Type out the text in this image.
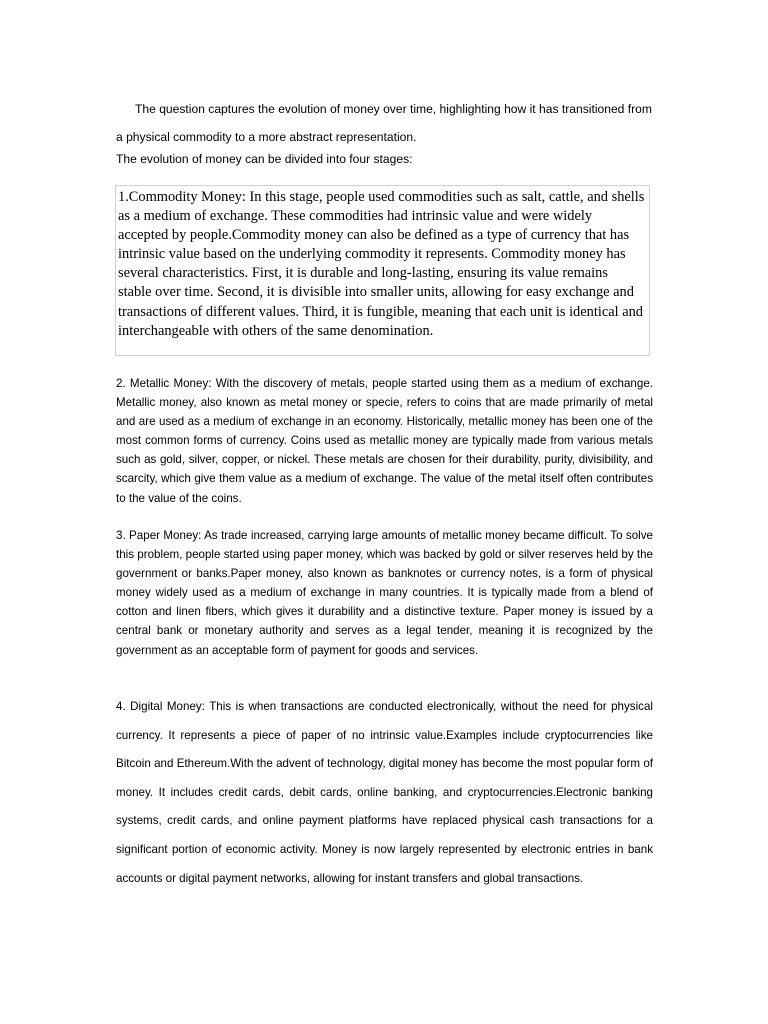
The question captures the evolution of money over time, highlighting how it has transitioned from a physical commodity to a more abstract representation.

The evolution of money can be divided into four stages:

1.Commodity Money: In this stage, people used commodities such as salt, cattle, and shells as a medium of exchange. These commodities had intrinsic value and were widely accepted by people.Commodity money can also be defined as a type of currency that has intrinsic value based on the underlying commodity it represents. Commodity money has several characteristics. First, it is durable and long-lasting, ensuring its value remains stable over time. Second, it is divisible into smaller units, allowing for easy exchange and transactions of different values. Third, it is fungible, meaning that each unit is identical and interchangeable with others of the same denomination.

2. Metallic Money: With the discovery of metals, people started using them as a medium of exchange. Metallic money, also known as metal money or specie, refers to coins that are made primarily of metal and are used as a medium of exchange in an economy. Historically, metallic money has been one of the most common forms of currency. Coins used as metallic money are typically made from various metals such as gold, silver, copper, or nickel. These metals are chosen for their durability, purity, divisibility, and scarcity, which give them value as a medium of exchange. The value of the metal itself often contributes to the value of the coins.

3. Paper Money: As trade increased, carrying large amounts of metallic money became difficult. To solve this problem, people started using paper money, which was backed by gold or silver reserves held by the government or banks.Paper money, also known as banknotes or currency notes, is a form of physical money widely used as a medium of exchange in many countries. It is typically made from a blend of cotton and linen fibers, which gives it durability and a distinctive texture. Paper money is issued by a central bank or monetary authority and serves as a legal tender, meaning it is recognized by the government as an acceptable form of payment for goods and services.

4. Digital Money: This is when transactions are conducted electronically, without the need for physical currency. It represents a piece of paper of no intrinsic value.Examples include cryptocurrencies like Bitcoin and Ethereum.With the advent of technology, digital money has become the most popular form of money. It includes credit cards, debit cards, online banking, and cryptocurrencies.Electronic banking systems, credit cards, and online payment platforms have replaced physical cash transactions for a significant portion of economic activity. Money is now largely represented by electronic entries in bank accounts or digital payment networks, allowing for instant transfers and global transactions.
